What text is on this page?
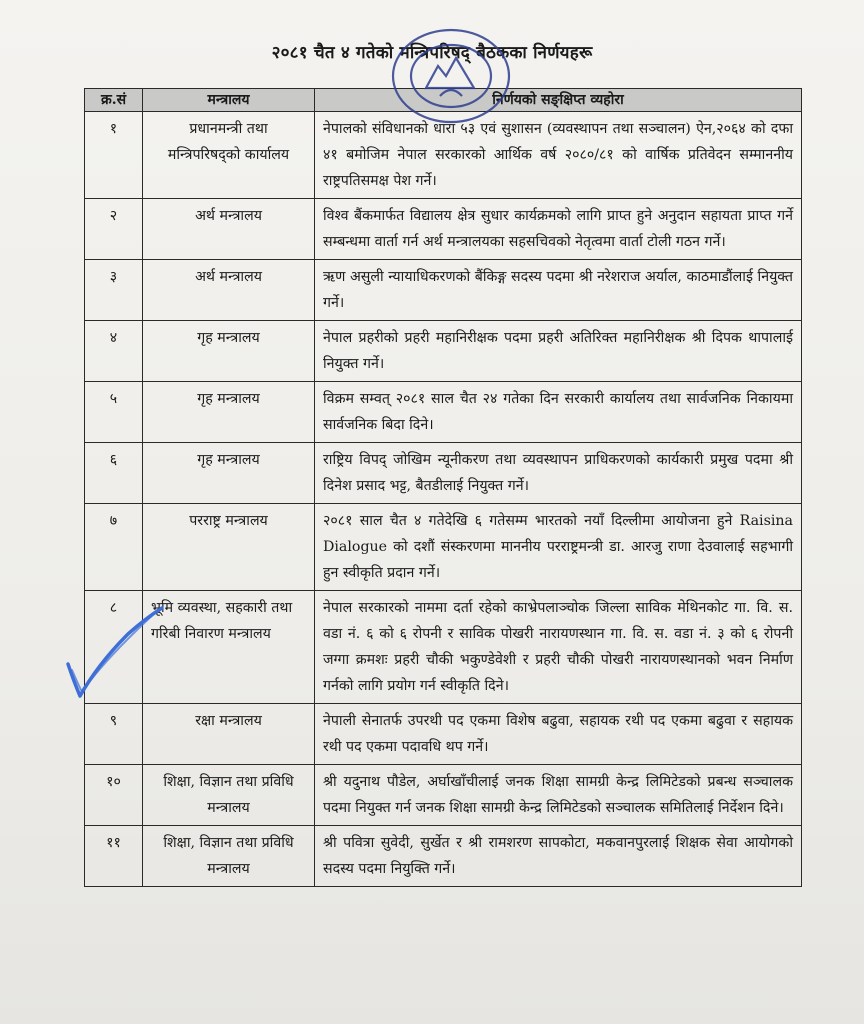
२०८१ चैत ४ गतेको मन्त्रिपरिषद् बैठकका निर्णयहरू
क्र.सं	मन्त्रालय	निर्णयको सङ्क्षिप्त व्यहोरा
१	प्रधानमन्त्री तथा मन्त्रिपरिषद्को कार्यालय	नेपालको संविधानको धारा ५३ एवं सुशासन (व्यवस्थापन तथा सञ्चालन) ऐन,२०६४ को दफा ४१ बमोजिम नेपाल सरकारको आर्थिक वर्ष २०८०/८१ को वार्षिक प्रतिवेदन सम्माननीय राष्ट्रपतिसमक्ष पेश गर्ने।
२	अर्थ मन्त्रालय	विश्व बैंकमार्फत विद्यालय क्षेत्र सुधार कार्यक्रमको लागि प्राप्त हुने अनुदान सहायता प्राप्त गर्ने सम्बन्धमा वार्ता गर्न अर्थ मन्त्रालयका सहसचिवको नेतृत्वमा वार्ता टोली गठन गर्ने।
३	अर्थ मन्त्रालय	ऋण असुली न्यायाधिकरणको बैंकिङ्ग सदस्य पदमा श्री नरेशराज अर्याल, काठमाडौंलाई नियुक्त गर्ने।
४	गृह मन्त्रालय	नेपाल प्रहरीको प्रहरी महानिरीक्षक पदमा प्रहरी अतिरिक्त महानिरीक्षक श्री दिपक थापालाई नियुक्त गर्ने।
५	गृह मन्त्रालय	विक्रम सम्वत् २०८१ साल चैत २४ गतेका दिन सरकारी कार्यालय तथा सार्वजनिक निकायमा सार्वजनिक बिदा दिने।
६	गृह मन्त्रालय	राष्ट्रिय विपद् जोखिम न्यूनीकरण तथा व्यवस्थापन प्राधिकरणको कार्यकारी प्रमुख पदमा श्री दिनेश प्रसाद भट्ट, बैतडीलाई नियुक्त गर्ने।
७	परराष्ट्र मन्त्रालय	२०८१ साल चैत ४ गतेदेखि ६ गतेसम्म भारतको नयाँ दिल्लीमा आयोजना हुने Raisina Dialogue को दशौं संस्करणमा माननीय परराष्ट्रमन्त्री डा. आरजु राणा देउवालाई सहभागी हुन स्वीकृति प्रदान गर्ने।
८	भूमि व्यवस्था, सहकारी तथा गरिबी निवारण मन्त्रालय	नेपाल सरकारको नाममा दर्ता रहेको काभ्रेपलाञ्चोक जिल्ला साविक मेथिनकोट गा. वि. स. वडा नं. ६ को ६ रोपनी र साविक पोखरी नारायणस्थान गा. वि. स. वडा नं. ३ को ६ रोपनी जग्गा क्रमशः प्रहरी चौकी भकुण्डेवेशी र प्रहरी चौकी पोखरी नारायणस्थानको भवन निर्माण गर्नको लागि प्रयोग गर्न स्वीकृति दिने।
९	रक्षा मन्त्रालय	नेपाली सेनातर्फ उपरथी पद एकमा विशेष बढुवा, सहायक रथी पद एकमा बढुवा र सहायक रथी पद एकमा पदावधि थप गर्ने।
१०	शिक्षा, विज्ञान तथा प्रविधि मन्त्रालय	श्री यदुनाथ पौडेल, अर्घाखाँचीलाई जनक शिक्षा सामग्री केन्द्र लिमिटेडको प्रबन्ध सञ्चालक पदमा नियुक्त गर्न जनक शिक्षा सामग्री केन्द्र लिमिटेडको सञ्चालक समितिलाई निर्देशन दिने।
११	शिक्षा, विज्ञान तथा प्रविधि मन्त्रालय	श्री पवित्रा सुवेदी, सुर्खेत र श्री रामशरण सापकोटा, मकवानपुरलाई शिक्षक सेवा आयोगको सदस्य पदमा नियुक्ति गर्ने।
